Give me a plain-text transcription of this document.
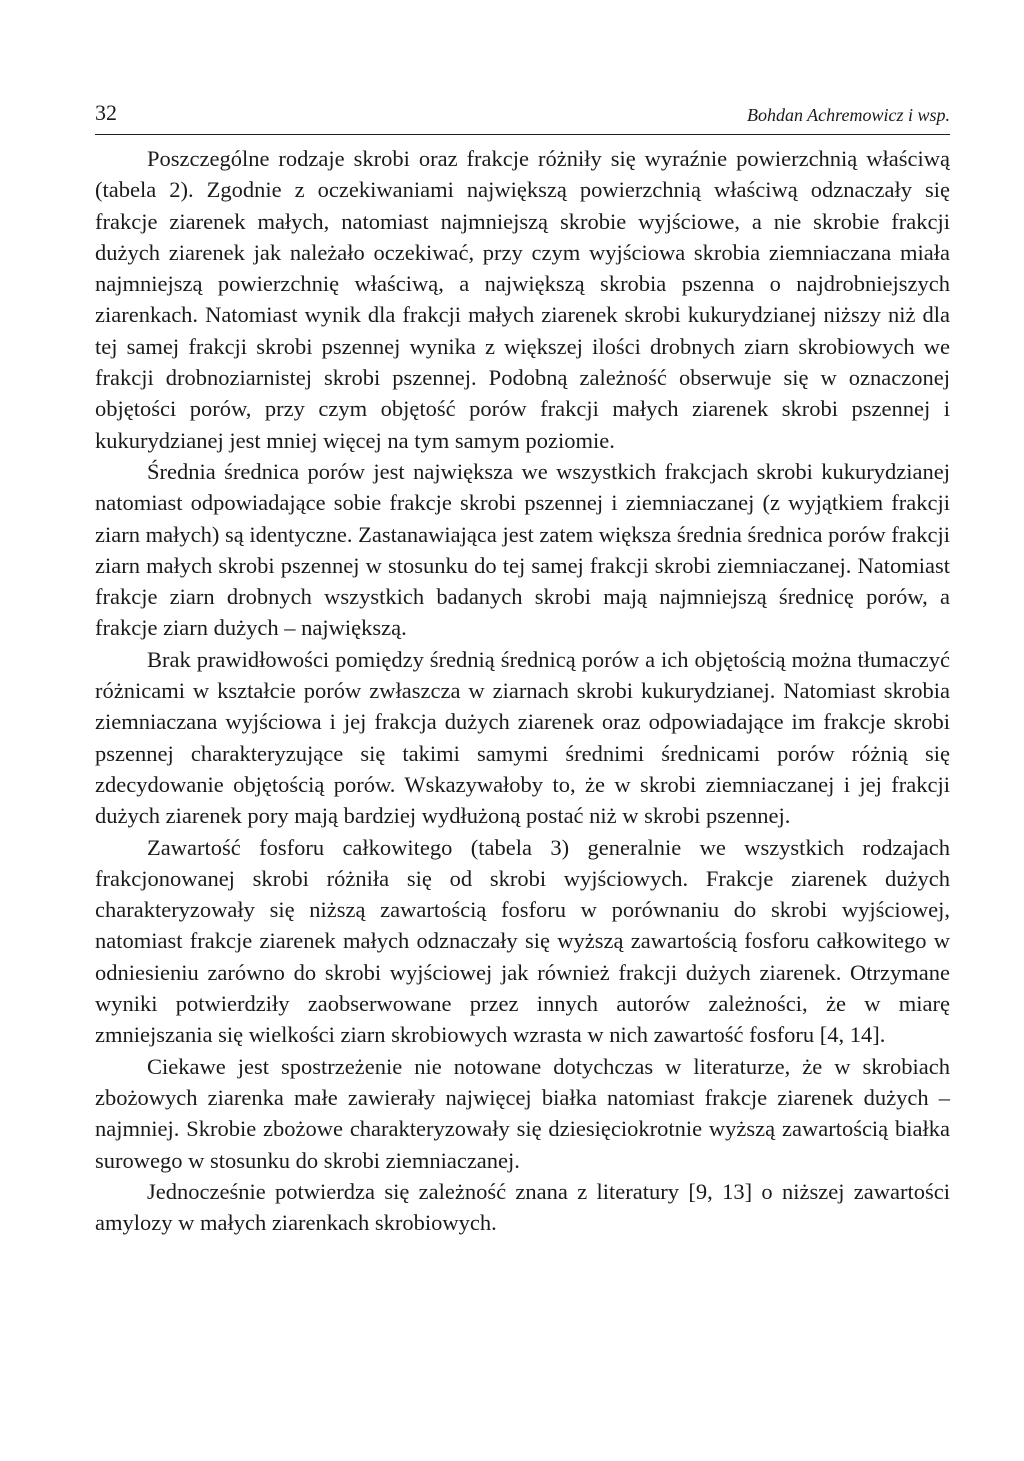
32	Bohdan Achremowicz i wsp.

Poszczególne rodzaje skrobi oraz frakcje różniły się wyraźnie powierzchnią właściwą (tabela 2). Zgodnie z oczekiwaniami największą powierzchnią właściwą odznaczały się frakcje ziarenek małych, natomiast najmniejszą skrobie wyjściowe, a nie skrobie frakcji dużych ziarenek jak należało oczekiwać, przy czym wyjściowa skrobia ziemniaczana miała najmniejszą powierzchnię właściwą, a największą skrobia pszenna o najdrobniejszych ziarenkach. Natomiast wynik dla frakcji małych ziarenek skrobi kukurydzianej niższy niż dla tej samej frakcji skrobi pszennej wynika z większej ilości drobnych ziarn skrobiowych we frakcji drobnoziarnistej skrobi pszennej. Podobną zależność obserwuje się w oznaczonej objętości porów, przy czym objętość porów frakcji małych ziarenek skrobi pszennej i kukurydzianej jest mniej więcej na tym samym poziomie.

Średnia średnica porów jest największa we wszystkich frakcjach skrobi kukurydzianej natomiast odpowiadające sobie frakcje skrobi pszennej i ziemniaczanej (z wyjątkiem frakcji ziarn małych) są identyczne. Zastanawiająca jest zatem większa średnia średnica porów frakcji ziarn małych skrobi pszennej w stosunku do tej samej frakcji skrobi ziemniaczanej. Natomiast frakcje ziarn drobnych wszystkich badanych skrobi mają najmniejszą średnicę porów, a frakcje ziarn dużych – największą.

Brak prawidłowości pomiędzy średnią średnicą porów a ich objętością można tłumaczyć różnicami w kształcie porów zwłaszcza w ziarnach skrobi kukurydzianej. Natomiast skrobia ziemniaczana wyjściowa i jej frakcja dużych ziarenek oraz odpowiadające im frakcje skrobi pszennej charakteryzujące się takimi samymi średnimi średnicami porów różnią się zdecydowanie objętością porów. Wskazywałoby to, że w skrobi ziemniaczanej i jej frakcji dużych ziarenek pory mają bardziej wydłużoną postać niż w skrobi pszennej.

Zawartość fosforu całkowitego (tabela 3) generalnie we wszystkich rodzajach frakcjonowanej skrobi różniła się od skrobi wyjściowych. Frakcje ziarenek dużych charakteryzowały się niższą zawartością fosforu w porównaniu do skrobi wyjściowej, natomiast frakcje ziarenek małych odznaczały się wyższą zawartością fosforu całkowitego w odniesieniu zarówno do skrobi wyjściowej jak również frakcji dużych ziarenek. Otrzymane wyniki potwierdziły zaobserwowane przez innych autorów zależności, że w miarę zmniejszania się wielkości ziarn skrobiowych wzrasta w nich zawartość fosforu [4, 14].

Ciekawe jest spostrzeżenie nie notowane dotychczas w literaturze, że w skrobiach zbożowych ziarenka małe zawierały najwięcej białka natomiast frakcje ziarenek dużych – najmniej. Skrobie zbożowe charakteryzowały się dziesięciokrotnie wyższą zawartością białka surowego w stosunku do skrobi ziemniaczanej.

Jednocześnie potwierdza się zależność znana z literatury [9, 13] o niższej zawartości amylozy w małych ziarenkach skrobiowych.
